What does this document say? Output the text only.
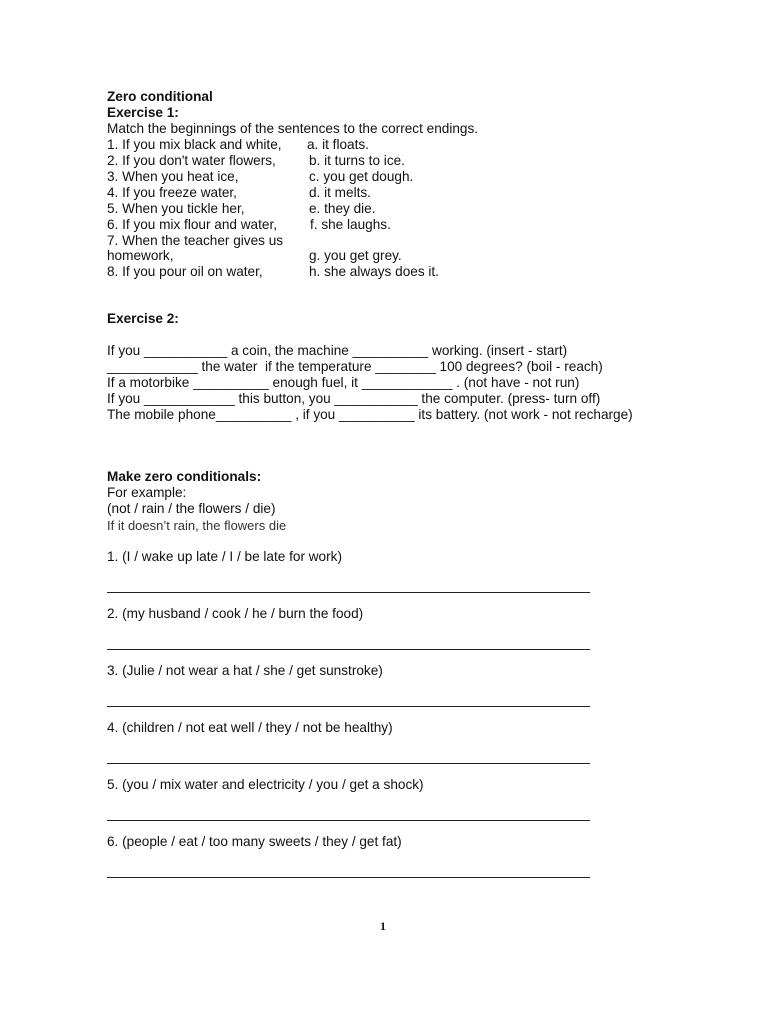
Zero conditional
Exercise 1:
Match the beginnings of the sentences to the correct endings.
1. If you mix black and white, a. it floats.
2. If you don't water flowers, b. it turns to ice.
3. When you heat ice,	c. you get dough.
4. If you freeze water,	d. it melts.
5. When you tickle her,	e. they die.
6. If you mix flour and water, f. she laughs.
7. When the teacher gives us
homework,	g. you get grey.
8. If you pour oil on water,	h. she always does it.
Exercise 2:
If you ___________ a coin, the machine __________ working. (insert - start)
____________ the water  if the temperature ________ 100 degrees? (boil - reach)
If a motorbike __________ enough fuel, it ____________ . (not have - not run)
If you ____________ this button, you ___________ the computer. (press- turn off)
The mobile phone__________ , if you __________ its battery. (not work - not recharge)
Make zero conditionals:
For example:
(not / rain / the flowers / die)
If it doesn’t rain, the flowers die
1. (I / wake up late / I / be late for work)
2. (my husband / cook / he / burn the food)
3. (Julie / not wear a hat / she / get sunstroke)
4. (children / not eat well / they / not be healthy)
5. (you / mix water and electricity / you / get a shock)
6. (people / eat / too many sweets / they / get fat)
1
